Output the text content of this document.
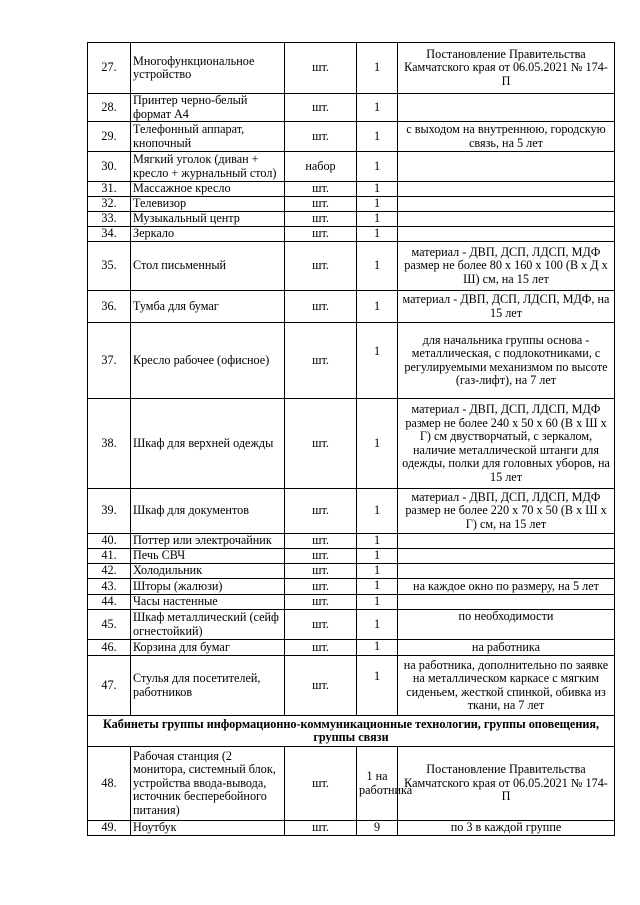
27.	Многофункциональное устройство	шт.	1	Постановление Правительства Камчатского края от 06.05.2021 № 174-П
28.	Принтер черно-белый формат А4	шт.	1	
29.	Телефонный аппарат, кнопочный	шт.	1	с выходом на внутреннюю, городскую связь, на 5 лет
30.	Мягкий уголок (диван + кресло + журнальный стол)	набор	1	
31.	Массажное кресло	шт.	1	
32.	Телевизор	шт.	1	
33.	Музыкальный центр	шт.	1	
34.	Зеркало	шт.	1	
35.	Стол письменный	шт.	1	материал - ДВП, ДСП, ЛДСП, МДФ размер не более 80 х 160 х 100 (В х Д х Ш) см, на 15 лет
36.	Тумба для бумаг	шт.	1	материал - ДВП, ДСП, ЛДСП, МДФ, на 15 лет
37.	Кресло рабочее (офисное)	шт.	1	для начальника группы основа - металлическая, с подлокотниками, с регулируемыми механизмом по высоте (газ-лифт), на 7 лет
38.	Шкаф для верхней одежды	шт.	1	материал - ДВП, ДСП, ЛДСП, МДФ размер не более 240 х 50 х 60 (В х Ш х Г) см двустворчатый, с зеркалом, наличие металлической штанги для одежды, полки для головных уборов, на 15 лет
39.	Шкаф для документов	шт.	1	материал - ДВП, ДСП, ЛДСП, МДФ размер не более 220 х 70 х 50 (В х Ш х Г) см, на 15 лет
40.	Поттер или электрочайник	шт.	1	
41.	Печь СВЧ	шт.	1	
42.	Холодильник	шт.	1	
43.	Шторы (жалюзи)	шт.	1	на каждое окно по размеру, на 5 лет
44.	Часы настенные	шт.	1	
45.	Шкаф металлический (сейф огнестойкий)	шт.	1	по необходимости
46.	Корзина для бумаг	шт.	1	на работника
47.	Стулья для посетителей, работников	шт.	1	на работника, дополнительно по заявке на металлическом каркасе с мягким сиденьем, жесткой спинкой, обивка из ткани, на 7 лет
Кабинеты группы информационно-коммуникационные технологии, группы оповещения, группы связи				
48.	Рабочая станция (2 монитора, системный блок, устройства ввода-вывода, источник бесперебойного питания)	шт.	1 на работника	Постановление Правительства Камчатского края от 06.05.2021 № 174-П
49.	Ноутбук	шт.	9	по 3 в каждой группе
